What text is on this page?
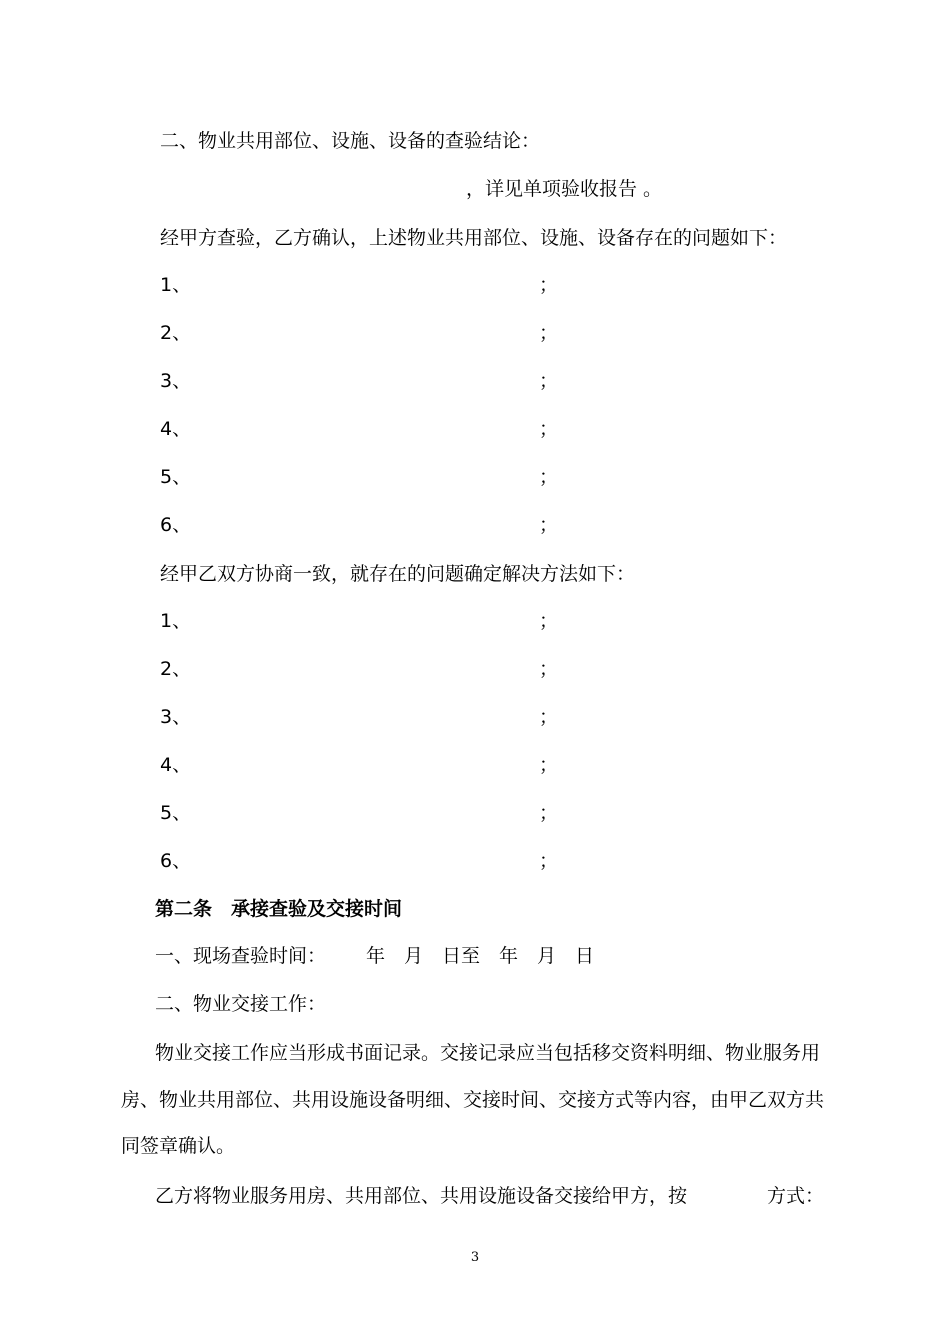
二、物业共用部位、设施、设备的查验结论：
，详见单项验收报告 。
经甲方查验，乙方确认，上述物业共用部位、设施、设备存在的问题如下：
1、	；
2、	；
3、	；
4、	；
5、	；
6、	；
经甲乙双方协商一致，就存在的问题确定解决方法如下：
1、	；
2、	；
3、	；
4、	；
5、	；
6、	；
第二条　承接查验及交接时间
一、现场查验时间： 年　月　日至　年　月　日
二、物业交接工作：
物业交接工作应当形成书面记录。交接记录应当包括移交资料明细、物业服务用
房、物业共用部位、共用设施设备明细、交接时间、交接方式等内容，由甲乙双方共
同签章确认。
乙方将物业服务用房、共用部位、共用设施设备交接给甲方，按	方式：
3
